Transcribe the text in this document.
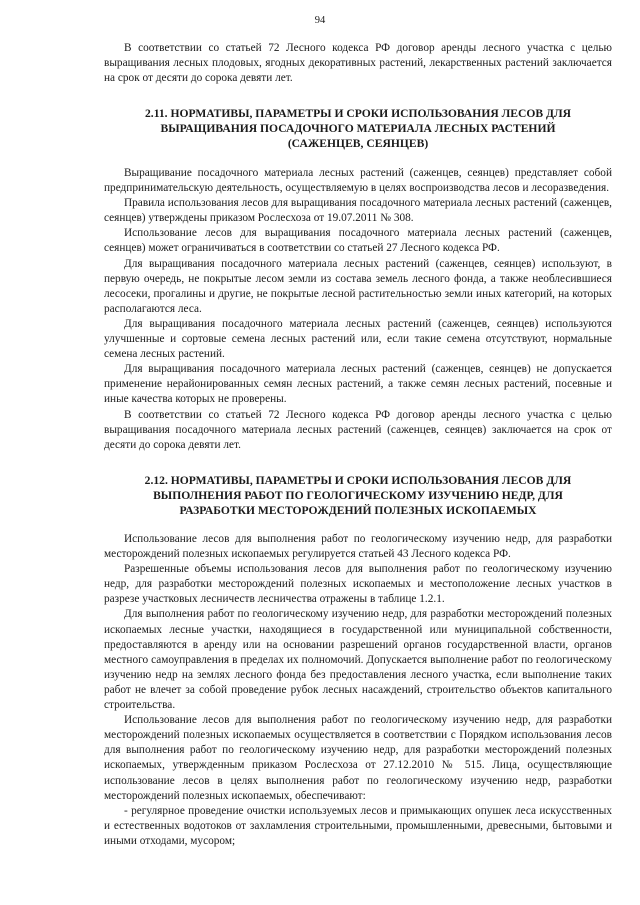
94

В соответствии со статьей 72 Лесного кодекса РФ договор аренды лесного участка с целью выращивания лесных плодовых, ягодных декоративных растений, лекарственных растений заключается на срок от десяти до сорока девяти лет.

2.11. НОРМАТИВЫ, ПАРАМЕТРЫ И СРОКИ ИСПОЛЬЗОВАНИЯ ЛЕСОВ ДЛЯ ВЫРАЩИВАНИЯ ПОСАДОЧНОГО МАТЕРИАЛА ЛЕСНЫХ РАСТЕНИЙ (САЖЕНЦЕВ, СЕЯНЦЕВ)

Выращивание посадочного материала лесных растений (саженцев, сеянцев) представляет собой предпринимательскую деятельность, осуществляемую в целях воспроизводства лесов и лесоразведения.

Правила использования лесов для выращивания посадочного материала лесных растений (саженцев, сеянцев) утверждены приказом Рослесхоза от 19.07.2011 № 308.

Использование лесов для выращивания посадочного материала лесных растений (саженцев, сеянцев) может ограничиваться в соответствии со статьей 27 Лесного кодекса РФ.

Для выращивания посадочного материала лесных растений (саженцев, сеянцев) используют, в первую очередь, не покрытые лесом земли из состава земель лесного фонда, а также необлесившиеся лесосеки, прогалины и другие, не покрытые лесной растительностью земли иных категорий, на которых располагаются леса.

Для выращивания посадочного материала лесных растений (саженцев, сеянцев) используются улучшенные и сортовые семена лесных растений или, если такие семена отсутствуют, нормальные семена лесных растений.

Для выращивания посадочного материала лесных растений (саженцев, сеянцев) не допускается применение нерайонированных семян лесных растений, а также семян лесных растений, посевные и иные качества которых не проверены.

В соответствии со статьей 72 Лесного кодекса РФ договор аренды лесного участка с целью выращивания посадочного материала лесных растений (саженцев, сеянцев) заключается на срок от десяти до сорока девяти лет.

2.12. НОРМАТИВЫ, ПАРАМЕТРЫ И СРОКИ ИСПОЛЬЗОВАНИЯ ЛЕСОВ ДЛЯ ВЫПОЛНЕНИЯ РАБОТ ПО ГЕОЛОГИЧЕСКОМУ ИЗУЧЕНИЮ НЕДР, ДЛЯ РАЗРАБОТКИ МЕСТОРОЖДЕНИЙ ПОЛЕЗНЫХ ИСКОПАЕМЫХ

Использование лесов для выполнения работ по геологическому изучению недр, для разработки месторождений полезных ископаемых регулируется статьей 43 Лесного кодекса РФ.

Разрешенные объемы использования лесов для выполнения работ по геологическому изучению недр, для разработки месторождений полезных ископаемых и местоположение лесных участков в разрезе участковых лесничеств лесничества отражены в таблице 1.2.1.

Для выполнения работ по геологическому изучению недр, для разработки месторождений полезных ископаемых лесные участки, находящиеся в государственной или муниципальной собственности, предоставляются в аренду или на основании разрешений органов государственной власти, органов местного самоуправления в пределах их полномочий. Допускается выполнение работ по геологическому изучению недр на землях лесного фонда без предоставления лесного участка, если выполнение таких работ не влечет за собой проведение рубок лесных насаждений, строительство объектов капитального строительства.

Использование лесов для выполнения работ по геологическому изучению недр, для разработки месторождений полезных ископаемых осуществляется в соответствии с Порядком использования лесов для выполнения работ по геологическому изучению недр, для разработки месторождений полезных ископаемых, утвержденным приказом Рослесхоза от 27.12.2010 № 515. Лица, осуществляющие использование лесов в целях выполнения работ по геологическому изучению недр, разработки месторождений полезных ископаемых, обеспечивают:

- регулярное проведение очистки используемых лесов и примыкающих опушек леса искусственных и естественных водотоков от захламления строительными, промышленными, древесными, бытовыми и иными отходами, мусором;
